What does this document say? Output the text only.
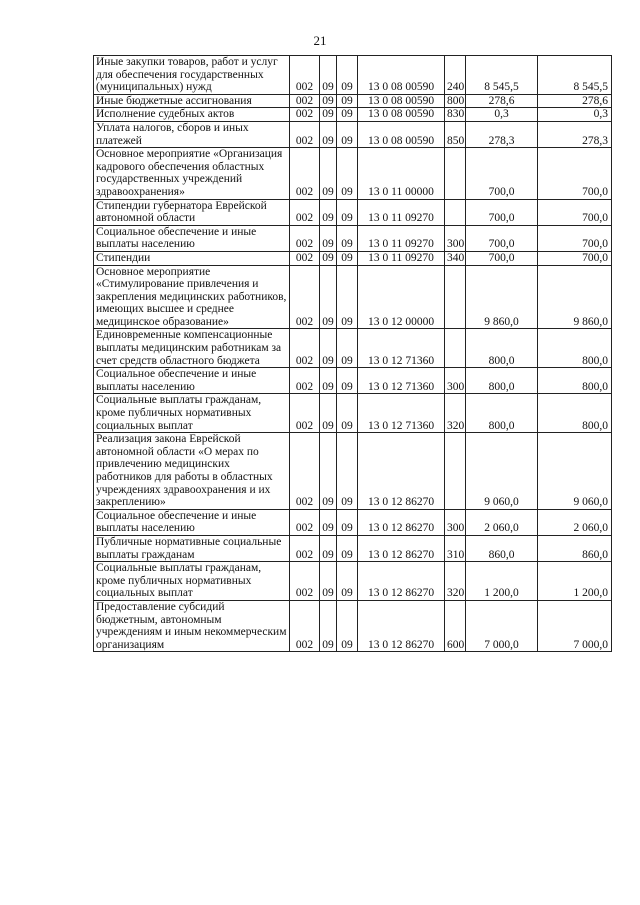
21
Иные закупки товаров, работ и услуг для обеспечения государственных (муниципальных) нужд	002	09	09	13 0 08 00590	240	8 545,5	8 545,5
Иные бюджетные ассигнования	002	09	09	13 0 08 00590	800	278,6	278,6
Исполнение судебных актов	002	09	09	13 0 08 00590	830	0,3	0,3
Уплата налогов, сборов и иных платежей	002	09	09	13 0 08 00590	850	278,3	278,3
Основное мероприятие «Организация кадрового обеспечения областных государственных учреждений здравоохранения»	002	09	09	13 0 11 00000		700,0	700,0
Стипендии губернатора Еврейской автономной области	002	09	09	13 0 11 09270		700,0	700,0
Социальное обеспечение и иные выплаты населению	002	09	09	13 0 11 09270	300	700,0	700,0
Стипендии	002	09	09	13 0 11 09270	340	700,0	700,0
Основное мероприятие «Стимулирование привлечения и закрепления медицинских работников, имеющих высшее и среднее медицинское образование»	002	09	09	13 0 12 00000		9 860,0	9 860,0
Единовременные компенсационные выплаты медицинским работникам за счет средств областного бюджета	002	09	09	13 0 12 71360		800,0	800,0
Социальное обеспечение и иные выплаты населению	002	09	09	13 0 12 71360	300	800,0	800,0
Социальные выплаты гражданам, кроме публичных нормативных социальных выплат	002	09	09	13 0 12 71360	320	800,0	800,0
Реализация закона Еврейской автономной области «О мерах по привлечению медицинских работников для работы в областных учреждениях здравоохранения и их закреплению»	002	09	09	13 0 12 86270		9 060,0	9 060,0
Социальное обеспечение и иные выплаты населению	002	09	09	13 0 12 86270	300	2 060,0	2 060,0
Публичные нормативные социальные выплаты гражданам	002	09	09	13 0 12 86270	310	860,0	860,0
Социальные выплаты гражданам, кроме публичных нормативных социальных выплат	002	09	09	13 0 12 86270	320	1 200,0	1 200,0
Предоставление субсидий бюджетным, автономным учреждениям и иным некоммерческим организациям	002	09	09	13 0 12 86270	600	7 000,0	7 000,0
